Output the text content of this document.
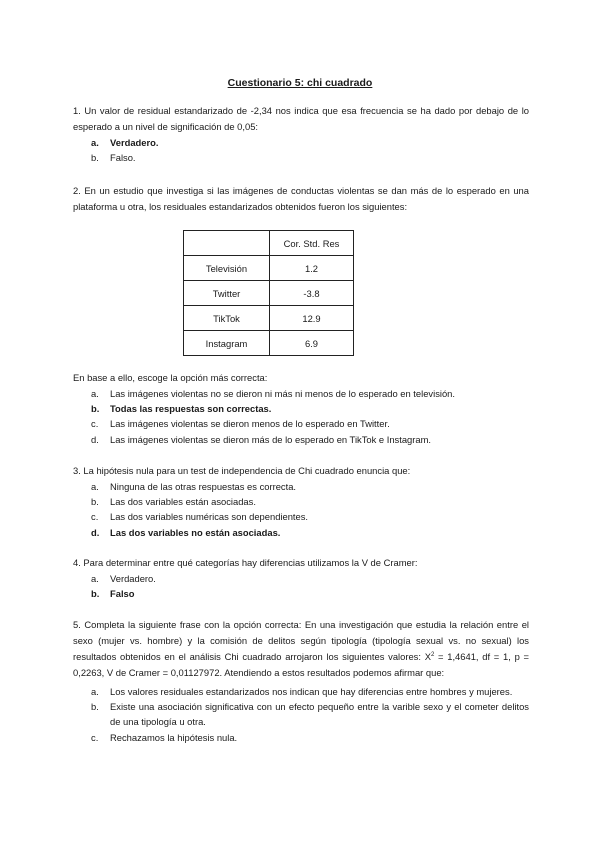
Cuestionario 5: chi cuadrado

1. Un valor de residual estandarizado de -2,34 nos indica que esa frecuencia se ha dado por debajo de lo esperado a un nivel de significación de 0,05:

a. Verdadero.
b. Falso.

2. En un estudio que investiga si las imágenes de conductas violentas se dan más de lo esperado en una plataforma u otra, los residuales estandarizados obtenidos fueron los siguientes:

	Cor. Std. Res
Televisión	1.2
Twitter	-3.8
TikTok	12.9
Instagram	6.9

En base a ello, escoge la opción más correcta:

a. Las imágenes violentas no se dieron ni más ni menos de lo esperado en televisión.
b. Todas las respuestas son correctas.
c. Las imágenes violentas se dieron menos de lo esperado en Twitter.
d. Las imágenes violentas se dieron más de lo esperado en TikTok e Instagram.

3. La hipótesis nula para un test de independencia de Chi cuadrado enuncia que:

a. Ninguna de las otras respuestas es correcta.
b. Las dos variables están asociadas.
c. Las dos variables numéricas son dependientes.
d. Las dos variables no están asociadas.

4. Para determinar entre qué categorías hay diferencias utilizamos la V de Cramer:

a. Verdadero.
b. Falso

5. Completa la siguiente frase con la opción correcta: En una investigación que estudia la relación entre el sexo (mujer vs. hombre) y la comisión de delitos según tipología (tipología sexual vs. no sexual) los resultados obtenidos en el análisis Chi cuadrado arrojaron los siguientes valores: $X^2 = 1,4641$, df = 1, p = 0,2263, V de Cramer = 0,01127972. Atendiendo a estos resultados podemos afirmar que:

a. Los valores residuales estandarizados nos indican que hay diferencias entre hombres y mujeres.
b. Existe una asociación significativa con un efecto pequeño entre la varible sexo y el cometer delitos de una tipología u otra.
c. Rechazamos la hipótesis nula.
